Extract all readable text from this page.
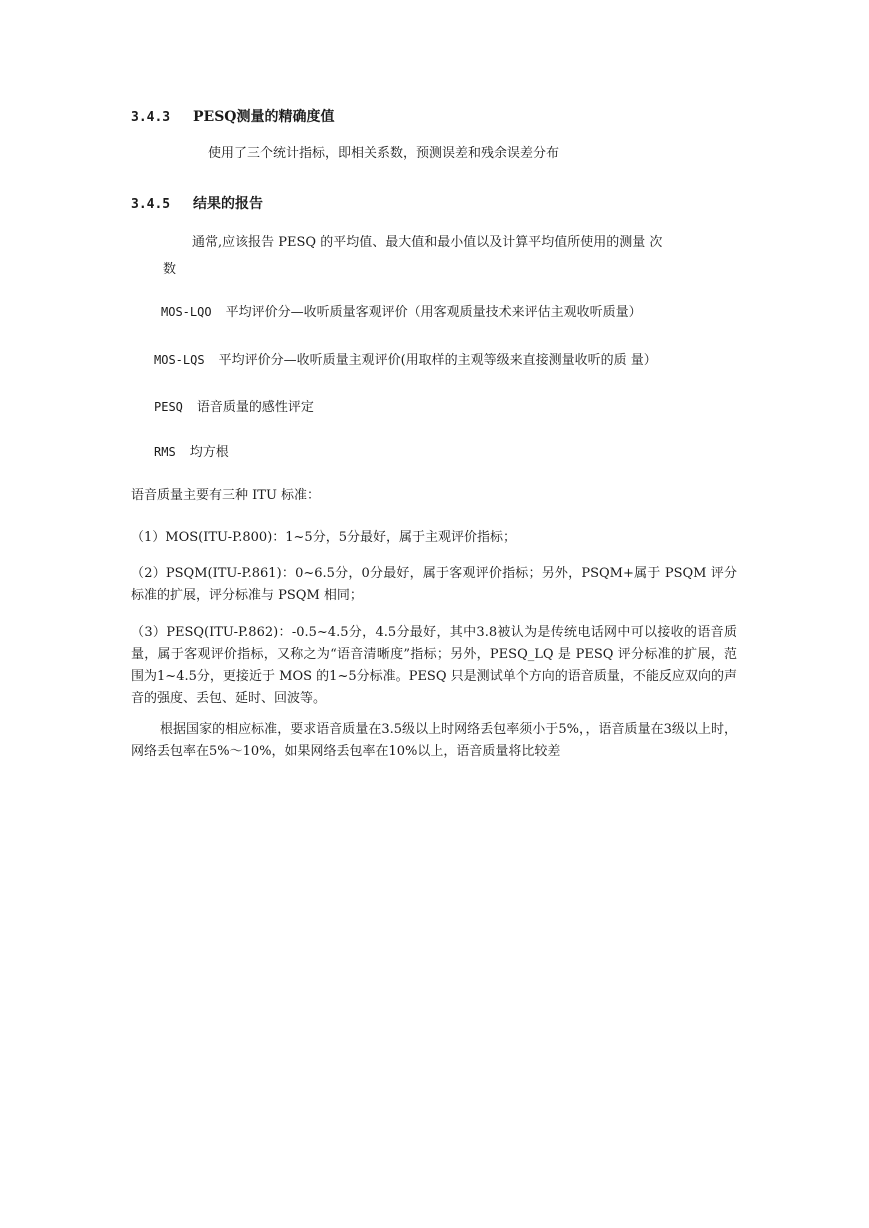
3.4.3 PESQ测量的精确度值
使用了三个统计指标，即相关系数，预测误差和残余误差分布
3.4.5 结果的报告
通常,应该报告 PESQ 的平均值、最大值和最小值以及计算平均值所使用的测量 次
数
MOS-LQO 平均评价分—收听质量客观评价（用客观质量技术来评估主观收听质量）
MOS-LQS 平均评价分—收听质量主观评价(用取样的主观等级来直接测量收听的质 量）
PESQ 语音质量的感性评定
RMS 均方根
语音质量主要有三种 ITU 标准：
（1）MOS(ITU-P.800)：1~5分，5分最好，属于主观评价指标；
（2）PSQM(ITU-P.861)：0~6.5分，0分最好，属于客观评价指标；另外，PSQM+属于 PSQM 评分标准的扩展，评分标准与 PSQM 相同；
（3）PESQ(ITU-P.862)：-0.5~4.5分，4.5分最好，其中3.8被认为是传统电话网中可以接收的语音质量，属于客观评价指标，又称之为“语音清晰度”指标；另外，PESQ_LQ 是 PESQ 评分标准的扩展，范围为1~4.5分，更接近于 MOS 的1~5分标准。PESQ 只是测试单个方向的语音质量，不能反应双向的声音的强度、丢包、延时、回波等。
根据国家的相应标准，要求语音质量在3.5级以上时网络丢包率须小于5%，，语音质量在3级以上时，网络丢包率在5%～10%，如果网络丢包率在10%以上，语音质量将比较差
